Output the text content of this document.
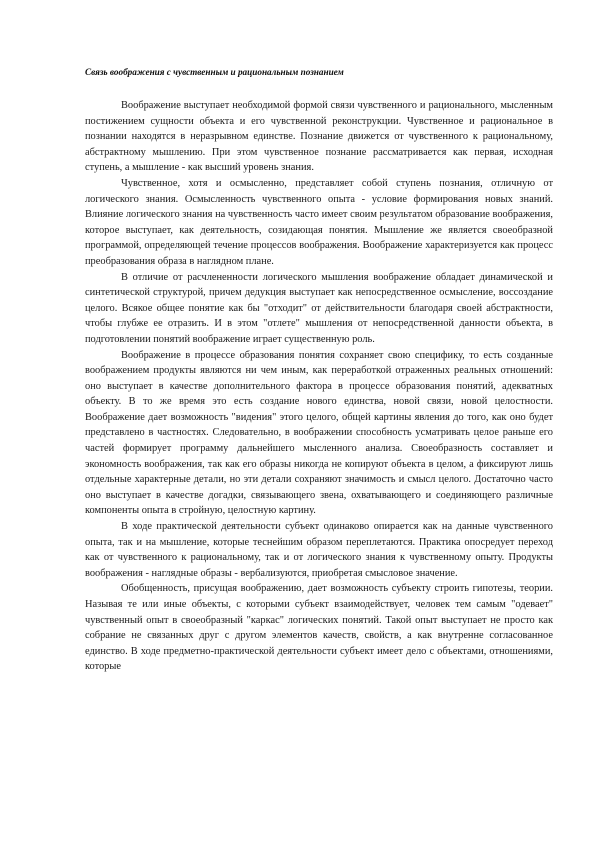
Связь воображения с чувственным и рациональным познанием

Воображение выступает необходимой формой связи чувственного и рационального, мысленным постижением сущности объекта и его чувственной реконструкции. Чувственное и рациональное в познании находятся в неразрывном единстве. Познание движется от чувственного к рациональному, абстрактному мышлению. При этом чувственное познание рассматривается как первая, исходная ступень, а мышление - как высший уровень знания.

Чувственное, хотя и осмысленно, представляет собой ступень познания, отличную от логического знания. Осмысленность чувственного опыта - условие формирования новых знаний. Влияние логического знания на чувственность часто имеет своим результатом образование воображения, которое выступает, как деятельность, созидающая понятия. Мышление же является своеобразной программой, определяющей течение процессов воображения. Воображение характеризуется как процесс преобразования образа в наглядном плане.

В отличие от расчлененности логического мышления воображение обладает динамической и синтетической структурой, причем дедукция выступает как непосредственное осмысление, воссоздание целого. Всякое общее понятие как бы "отходит" от действительности благодаря своей абстрактности, чтобы глубже ее отразить. И в этом "отлете" мышления от непосредственной данности объекта, в подготовлении понятий воображение играет существенную роль.

Воображение в процессе образования понятия сохраняет свою специфику, то есть созданные воображением продукты являются ни чем иным, как переработкой отраженных реальных отношений: оно выступает в качестве дополнительного фактора в процессе образования понятий, адекватных объекту. В то же время это есть создание нового единства, новой связи, новой целостности. Воображение дает возможность "видения" этого целого, общей картины явления до того, как оно будет представлено в частностях. Следовательно, в воображении способность усматривать целое раньше его частей формирует программу дальнейшего мысленного анализа. Своеобразность составляет и экономность воображения, так как его образы никогда не копируют объекта в целом, а фиксируют лишь отдельные характерные детали, но эти детали сохраняют значимость и смысл целого. Достаточно часто оно выступает в качестве догадки, связывающего звена, охватывающего и соединяющего различные компоненты опыта в стройную, целостную картину.

В ходе практической деятельности субъект одинаково опирается как на данные чувственного опыта, так и на мышление, которые теснейшим образом переплетаются. Практика опосредует переход как от чувственного к рациональному, так и от логического знания к чувственному опыту. Продукты воображения - наглядные образы - вербализуются, приобретая смысловое значение.

Обобщенность, присущая воображению, дает возможность субъекту строить гипотезы, теории. Называя те или иные объекты, с которыми субъект взаимодействует, человек тем самым "одевает" чувственный опыт в своеобразный "каркас" логических понятий. Такой опыт выступает не просто как собрание не связанных друг с другом элементов качеств, свойств, а как внутренне согласованное единство. В ходе предметно-практической деятельности субъект имеет дело с объектами, отношениями, которые
